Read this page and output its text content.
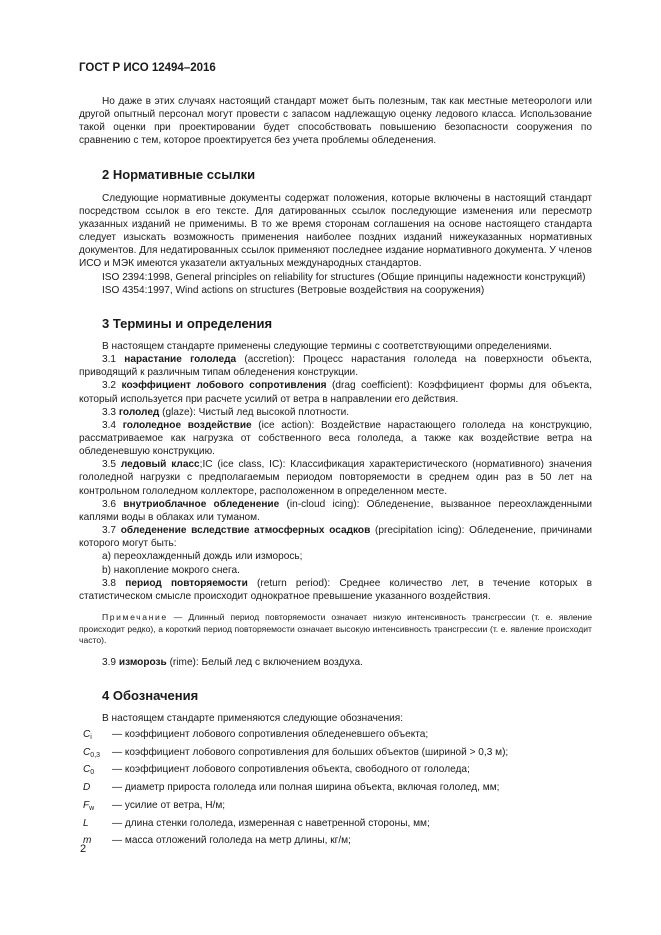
ГОСТ Р ИСО 12494–2016

Но даже в этих случаях настоящий стандарт может быть полезным, так как местные метеорологи или другой опытный персонал могут провести с запасом надлежащую оценку ледового класса. Использование такой оценки при проектировании будет способствовать повышению безопасности сооружения по сравнению с тем, которое проектируется без учета проблемы обледенения.

2 Нормативные ссылки

Следующие нормативные документы содержат положения, которые включены в настоящий стандарт посредством ссылок в его тексте. Для датированных ссылок последующие изменения или пересмотр указанных изданий не применимы. В то же время сторонам соглашения на основе настоящего стандарта следует изыскать возможность применения наиболее поздних изданий нижеуказанных нормативных документов. Для недатированных ссылок применяют последнее издание нормативного документа. У членов ИСО и МЭК имеются указатели актуальных международных стандартов.

ISO 2394:1998, General principles on reliability for structures (Общие принципы надежности конструкций)

ISO 4354:1997, Wind actions on structures (Ветровые воздействия на сооружения)

3 Термины и определения

В настоящем стандарте применены следующие термины с соответствующими определениями.

3.1 нарастание гололеда (accretion): Процесс нарастания гололеда на поверхности объекта, приводящий к различным типам обледенения конструкции.

3.2 коэффициент лобового сопротивления (drag coefficient): Коэффициент формы для объекта, который используется при расчете усилий от ветра в направлении его действия.

3.3 гололед (glaze): Чистый лед высокой плотности.

3.4 гололедное воздействие (ice action): Воздействие нарастающего гололеда на конструкцию, рассматриваемое как нагрузка от собственного веса гололеда, а также как воздействие ветра на обледеневшую конструкцию.

3.5 ледовый класс;IC (ice class, IC): Классификация характеристического (нормативного) значения гололедной нагрузки с предполагаемым периодом повторяемости в среднем один раз в 50 лет на контрольном гололедном коллекторе, расположенном в определенном месте.

3.6 внутриоблачное обледенение (in-cloud icing): Обледенение, вызванное переохлажденными каплями воды в облаках или туманом.

3.7 обледенение вследствие атмосферных осадков (precipitation icing): Обледенение, причинами которого могут быть:

а) переохлажденный дождь или изморось;

b) накопление мокрого снега.

3.8 период повторяемости (return period): Среднее количество лет, в течение которых в статистическом смысле происходит однократное превышение указанного воздействия.

Примечание — Длинный период повторяемости означает низкую интенсивность трансгрессии (т. е. явление происходит редко), а короткий период повторяемости означает высокую интенсивность трансгрессии (т. е. явление происходит часто).

3.9 изморозь (rime): Белый лед с включением воздуха.

4 Обозначения

В настоящем стандарте применяются следующие обозначения:

$C_i$	— коэффициент лобового сопротивления обледеневшего объекта;
$C_{0,3}$	— коэффициент лобового сопротивления для больших объектов (шириной > 0,3 м);
$C_0$	— коэффициент лобового сопротивления объекта, свободного от гололеда;
D	— диаметр прироста гололеда или полная ширина объекта, включая гололед, мм;
$F_w$	— усилие от ветра, Н/м;
L	— длина стенки гололеда, измеренная с наветренной стороны, мм;
m	— масса отложений гололеда на метр длины, кг/м;
2
